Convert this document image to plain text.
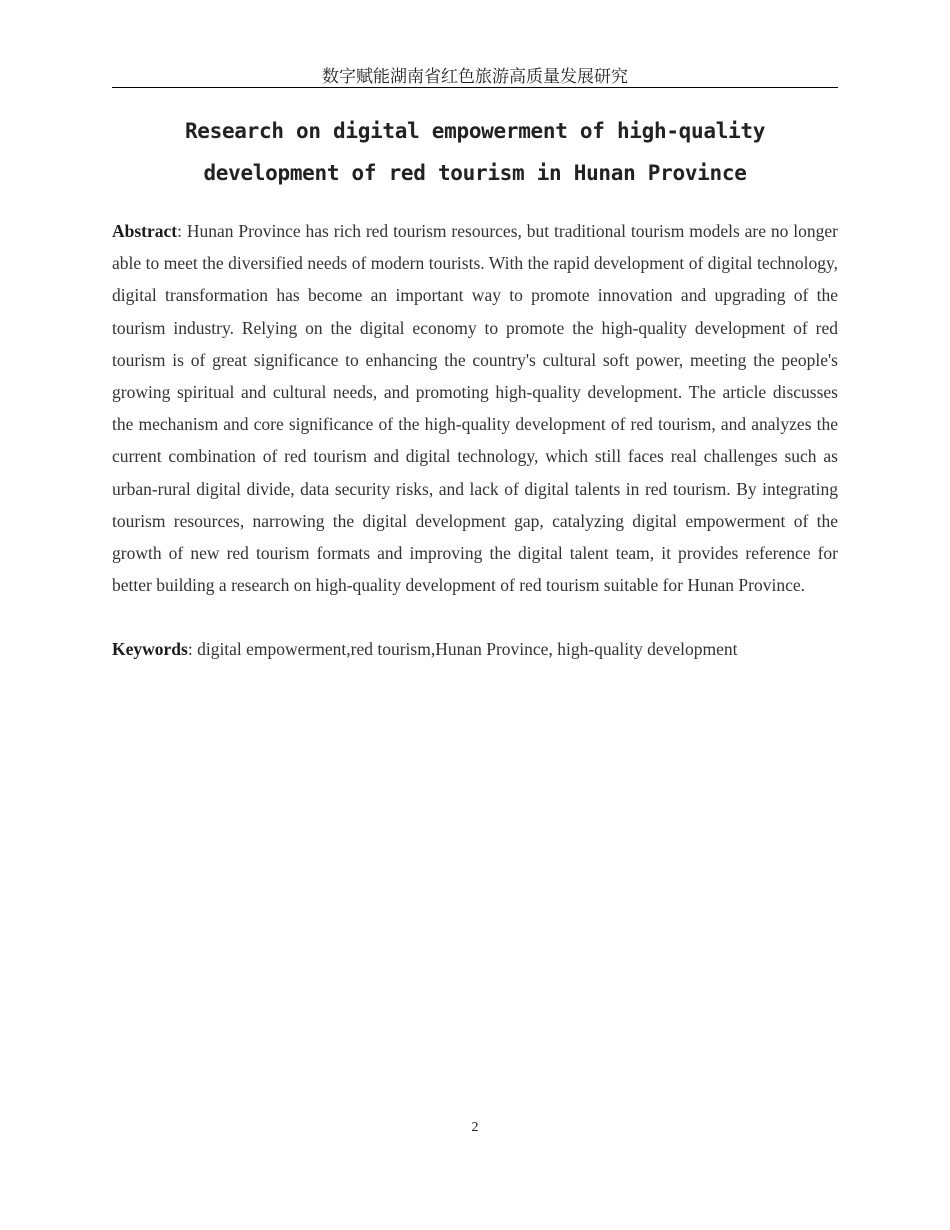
数字赋能湖南省红色旅游高质量发展研究
Research on digital empowerment of high-quality
development of red tourism in Hunan Province

Abstract: Hunan Province has rich red tourism resources, but traditional tourism models are no longer able to meet the diversified needs of modern tourists. With the rapid development of digital technology, digital transformation has become an important way to promote innovation and upgrading of the tourism industry. Relying on the digital economy to promote the high-quality development of red tourism is of great significance to enhancing the country's cultural soft power, meeting the people's growing spiritual and cultural needs, and promoting high-quality development. The article discusses the mechanism and core significance of the high-quality development of red tourism, and analyzes the current combination of red tourism and digital technology, which still faces real challenges such as urban-rural digital divide, data security risks, and lack of digital talents in red tourism. By integrating tourism resources, narrowing the digital development gap, catalyzing digital empowerment of the growth of new red tourism formats and improving the digital talent team, it provides reference for better building a research on high-quality development of red tourism suitable for Hunan Province.

Keywords: digital empowerment,red tourism,Hunan Province, high-quality development

2
